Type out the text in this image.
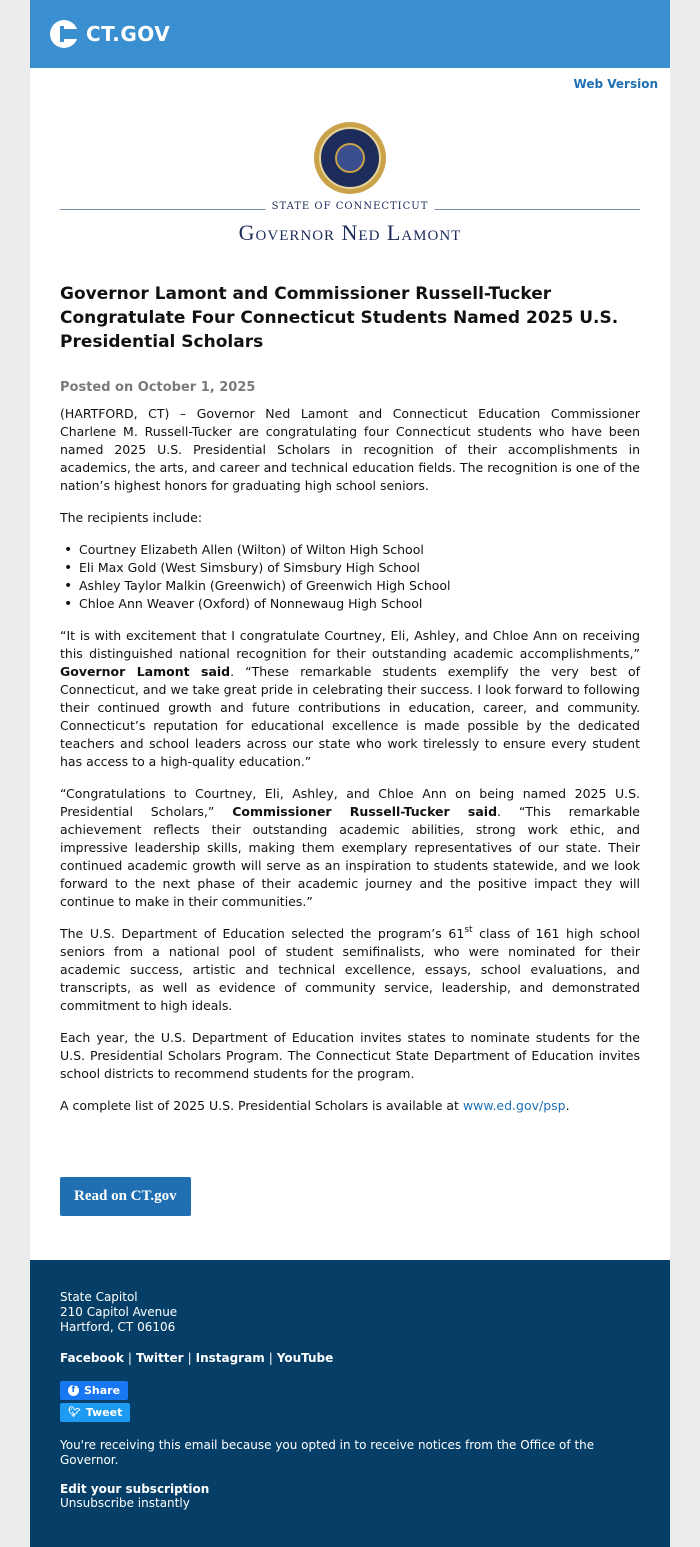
CT.GOV
Web Version
STATE OF CONNECTICUT
Governor Ned Lamont
Governor Lamont and Commissioner Russell-Tucker Congratulate Four Connecticut Students Named 2025 U.S. Presidential Scholars
Posted on October 1, 2025

(HARTFORD, CT) – Governor Ned Lamont and Connecticut Education Commissioner Charlene M. Russell-Tucker are congratulating four Connecticut students who have been named 2025 U.S. Presidential Scholars in recognition of their accomplishments in academics, the arts, and career and technical education fields. The recognition is one of the nation’s highest honors for graduating high school seniors.

The recipients include:

• Courtney Elizabeth Allen (Wilton) of Wilton High School
• Eli Max Gold (West Simsbury) of Simsbury High School
• Ashley Taylor Malkin (Greenwich) of Greenwich High School
• Chloe Ann Weaver (Oxford) of Nonnewaug High School

“It is with excitement that I congratulate Courtney, Eli, Ashley, and Chloe Ann on receiving this distinguished national recognition for their outstanding academic accomplishments,” Governor Lamont said. “These remarkable students exemplify the very best of Connecticut, and we take great pride in celebrating their success. I look forward to following their continued growth and future contributions in education, career, and community. Connecticut’s reputation for educational excellence is made possible by the dedicated teachers and school leaders across our state who work tirelessly to ensure every student has access to a high-quality education.”

“Congratulations to Courtney, Eli, Ashley, and Chloe Ann on being named 2025 U.S. Presidential Scholars,” Commissioner Russell-Tucker said. “This remarkable achievement reflects their outstanding academic abilities, strong work ethic, and impressive leadership skills, making them exemplary representatives of our state. Their continued academic growth will serve as an inspiration to students statewide, and we look forward to the next phase of their academic journey and the positive impact they will continue to make in their communities.”

The U.S. Department of Education selected the program’s 61st class of 161 high school seniors from a national pool of student semifinalists, who were nominated for their academic success, artistic and technical excellence, essays, school evaluations, and transcripts, as well as evidence of community service, leadership, and demonstrated commitment to high ideals.

Each year, the U.S. Department of Education invites states to nominate students for the U.S. Presidential Scholars Program. The Connecticut State Department of Education invites school districts to recommend students for the program.

A complete list of 2025 U.S. Presidential Scholars is available at www.ed.gov/psp.

Read on CT.gov
State Capitol
210 Capitol Avenue
Hartford, CT 06106
Facebook | Twitter | Instagram | YouTube
f Share
🐦︎ Tweet
You're receiving this email because you opted in to receive notices from the Office of the Governor.
Edit your subscription
Unsubscribe instantly
